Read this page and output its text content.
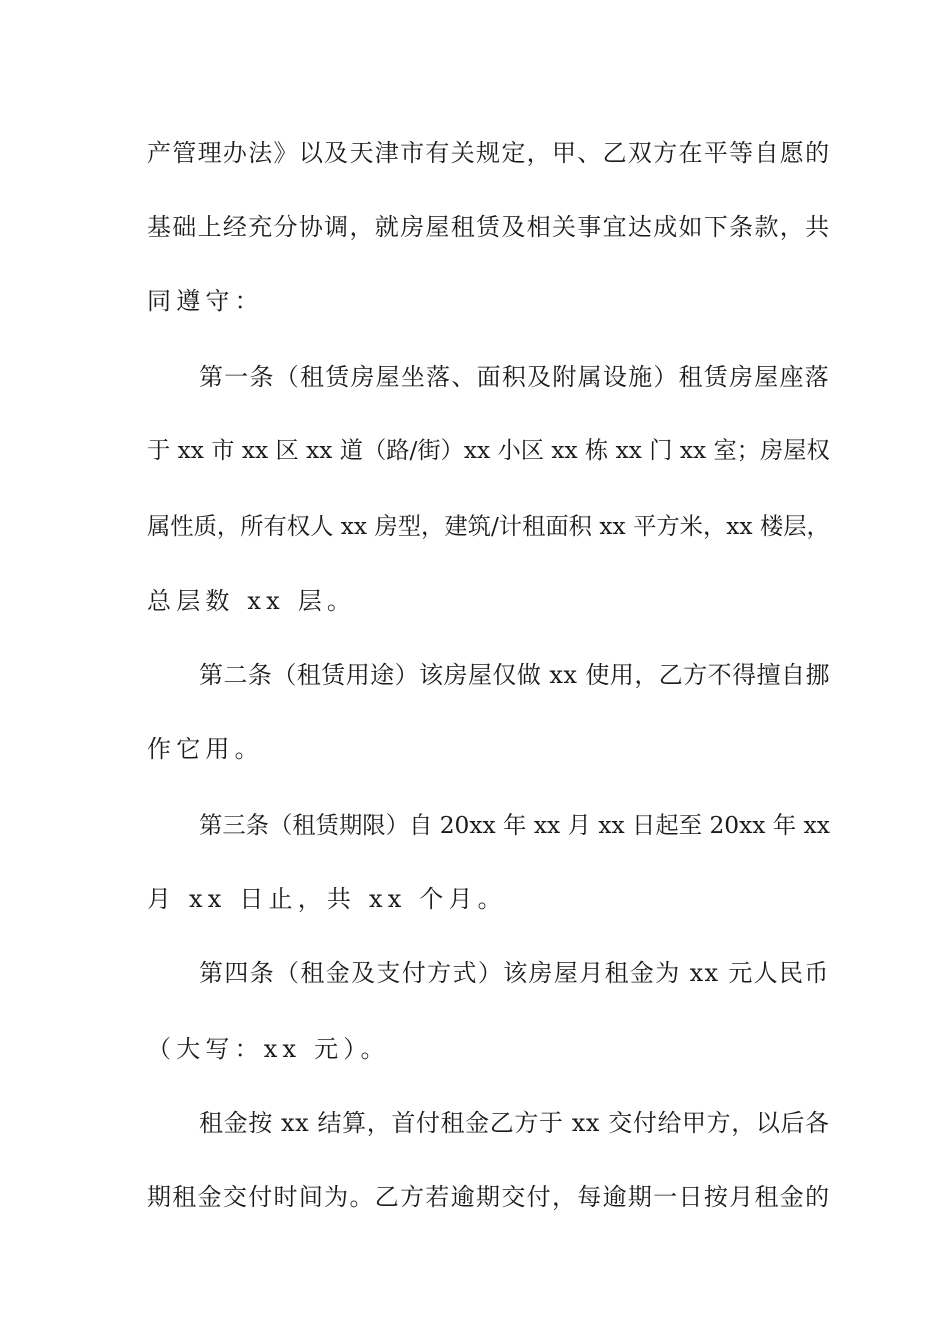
产管理办法》以及天津市有关规定，甲、乙双方在平等自愿的
基础上经充分协调，就房屋租赁及相关事宜达成如下条款，共
同遵守：
第一条（租赁房屋坐落、面积及附属设施）租赁房屋座落
于 xx 市 xx 区 xx 道（路/街）xx 小区 xx 栋 xx 门 xx 室；房屋权
属性质，所有权人 xx 房型，建筑/计租面积 xx 平方米，xx 楼层，
总层数 xx 层。
第二条（租赁用途）该房屋仅做 xx 使用，乙方不得擅自挪
作它用。
第三条（租赁期限）自 20xx 年 xx 月 xx 日起至 20xx 年 xx
月 xx 日止，共 xx 个月。
第四条（租金及支付方式）该房屋月租金为 xx 元人民币
（大写：xx 元）。
租金按 xx 结算，首付租金乙方于 xx 交付给甲方，以后各
期租金交付时间为。乙方若逾期交付，每逾期一日按月租金的
